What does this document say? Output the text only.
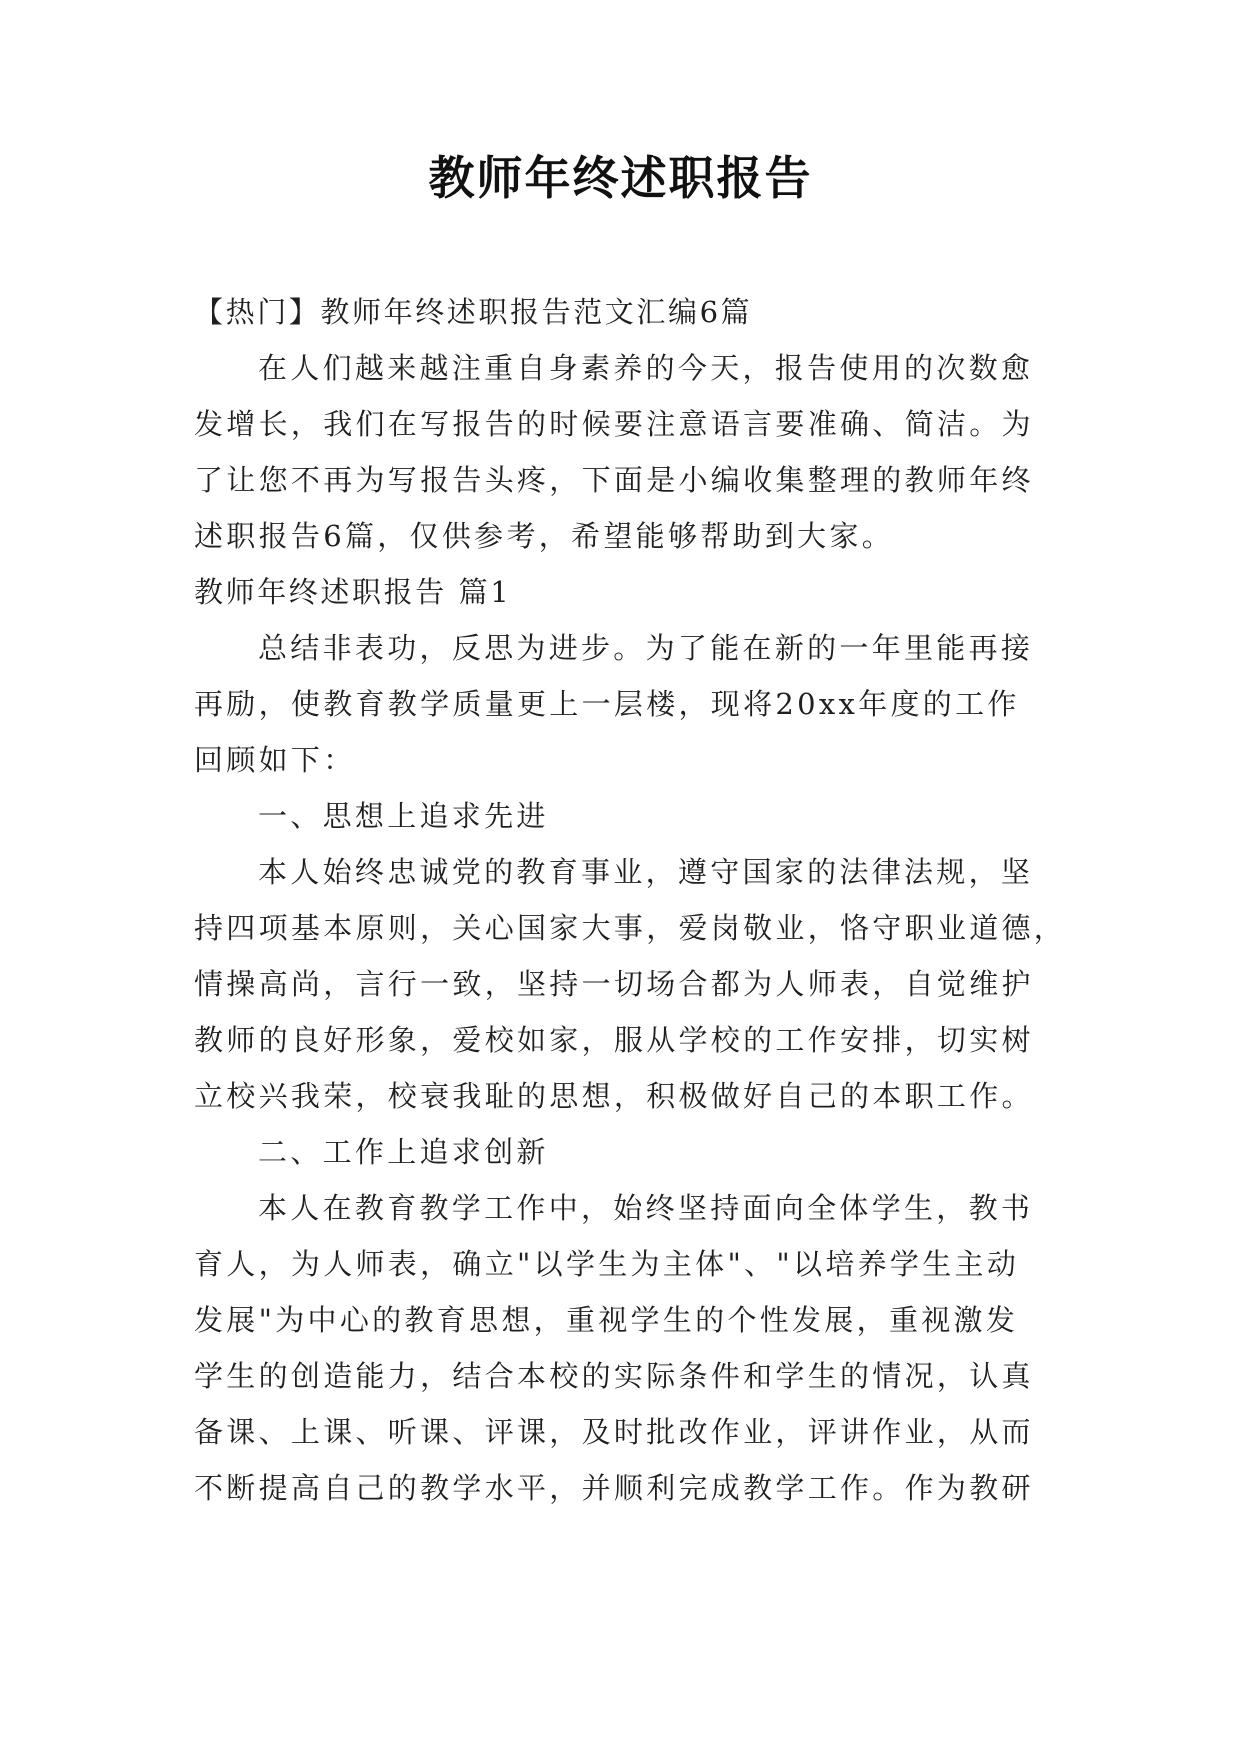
教师年终述职报告
【热门】教师年终述职报告范文汇编6篇
在人们越来越注重自身素养的今天，报告使用的次数愈
发增长，我们在写报告的时候要注意语言要准确、简洁。为
了让您不再为写报告头疼，下面是小编收集整理的教师年终
述职报告6篇，仅供参考，希望能够帮助到大家。
教师年终述职报告 篇1
总结非表功，反思为进步。为了能在新的一年里能再接
再励，使教育教学质量更上一层楼，现将20xx年度的工作
回顾如下：
一、思想上追求先进
本人始终忠诚党的教育事业，遵守国家的法律法规，坚
持四项基本原则，关心国家大事，爱岗敬业，恪守职业道德，
情操高尚，言行一致，坚持一切场合都为人师表，自觉维护
教师的良好形象，爱校如家，服从学校的工作安排，切实树
立校兴我荣，校衰我耻的思想，积极做好自己的本职工作。
二、工作上追求创新
本人在教育教学工作中，始终坚持面向全体学生，教书
育人，为人师表，确立"以学生为主体"、"以培养学生主动
发展"为中心的教育思想，重视学生的个性发展，重视激发
学生的创造能力，结合本校的实际条件和学生的情况，认真
备课、上课、听课、评课，及时批改作业，评讲作业，从而
不断提高自己的教学水平，并顺利完成教学工作。作为教研
